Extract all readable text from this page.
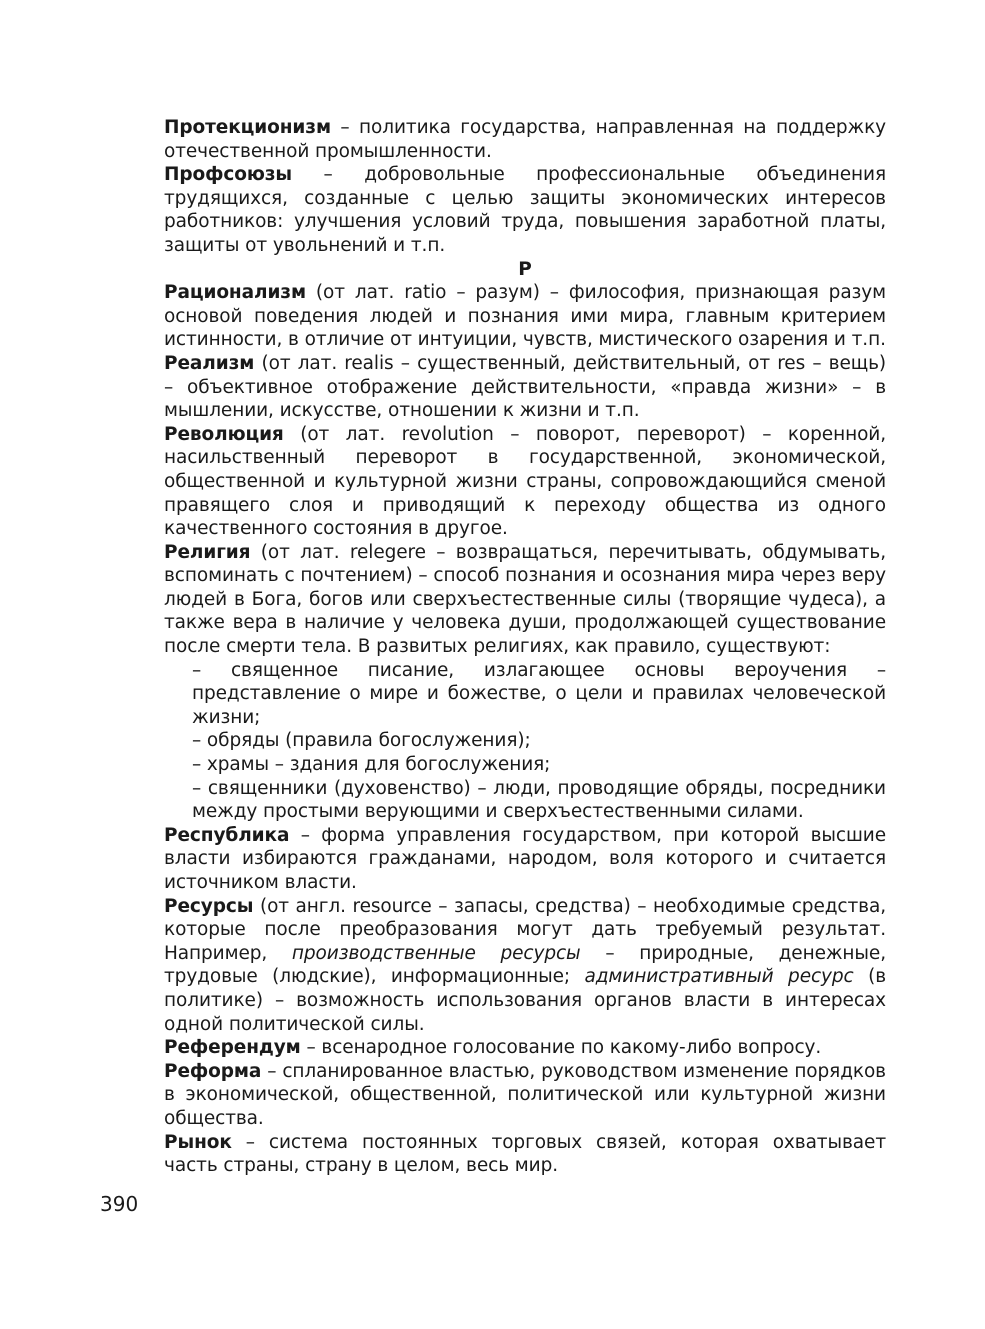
Протекционизм – политика государства, направленная на поддержку отечественной промышленности.

Профсоюзы – добровольные профессиональные объединения трудящихся, созданные с целью защиты экономических интересов работников: улучшения условий труда, повышения заработной платы, защиты от увольнений и т.п.

Р

Рационализм (от лат. ratio – разум) – философия, признающая разум основой поведения людей и познания ими мира, главным критерием истинности, в отличие от интуиции, чувств, мистического озарения и т.п.

Реализм (от лат. realis – существенный, действительный, от res – вещь) – объективное отображение действительности, «правда жизни» – в мышлении, искусстве, отношении к жизни и т.п.

Революция (от лат. revolution – поворот, переворот) – коренной, насильственный переворот в государственной, экономической, общественной и культурной жизни страны, сопровождающийся сменой правящего слоя и приводящий к переходу общества из одного качественного состояния в другое.

Религия (от лат. relegere – возвращаться, перечитывать, обдумывать, вспоминать с почтением) – способ познания и осознания мира через веру людей в Бога, богов или сверхъестественные силы (творящие чудеса), а также вера в наличие у человека души, продолжающей существование после смерти тела. В развитых религиях, как правило, существуют:

– священное писание, излагающее основы вероучения – представление о мире и божестве, о цели и правилах человеческой жизни;
– обряды (правила богослужения);
– храмы – здания для богослужения;
– священники (духовенство) – люди, проводящие обряды, посредники между простыми верующими и сверхъестественными силами.

Республика – форма управления государством, при которой высшие власти избираются гражданами, народом, воля которого и считается источником власти.

Ресурсы (от англ. resource – запасы, средства) – необходимые средства, которые после преобразования могут дать требуемый результат. Например, производственные ресурсы – природные, денежные, трудовые (людские), информационные; административный ресурс (в политике) – возможность использования органов власти в интересах одной политической силы.

Референдум – всенародное голосование по какому-либо вопросу.

Реформа – спланированное властью, руководством изменение порядков в экономической, общественной, политической или культурной жизни общества.

Рынок – система постоянных торговых связей, которая охватывает часть страны, страну в целом, весь мир.

390
